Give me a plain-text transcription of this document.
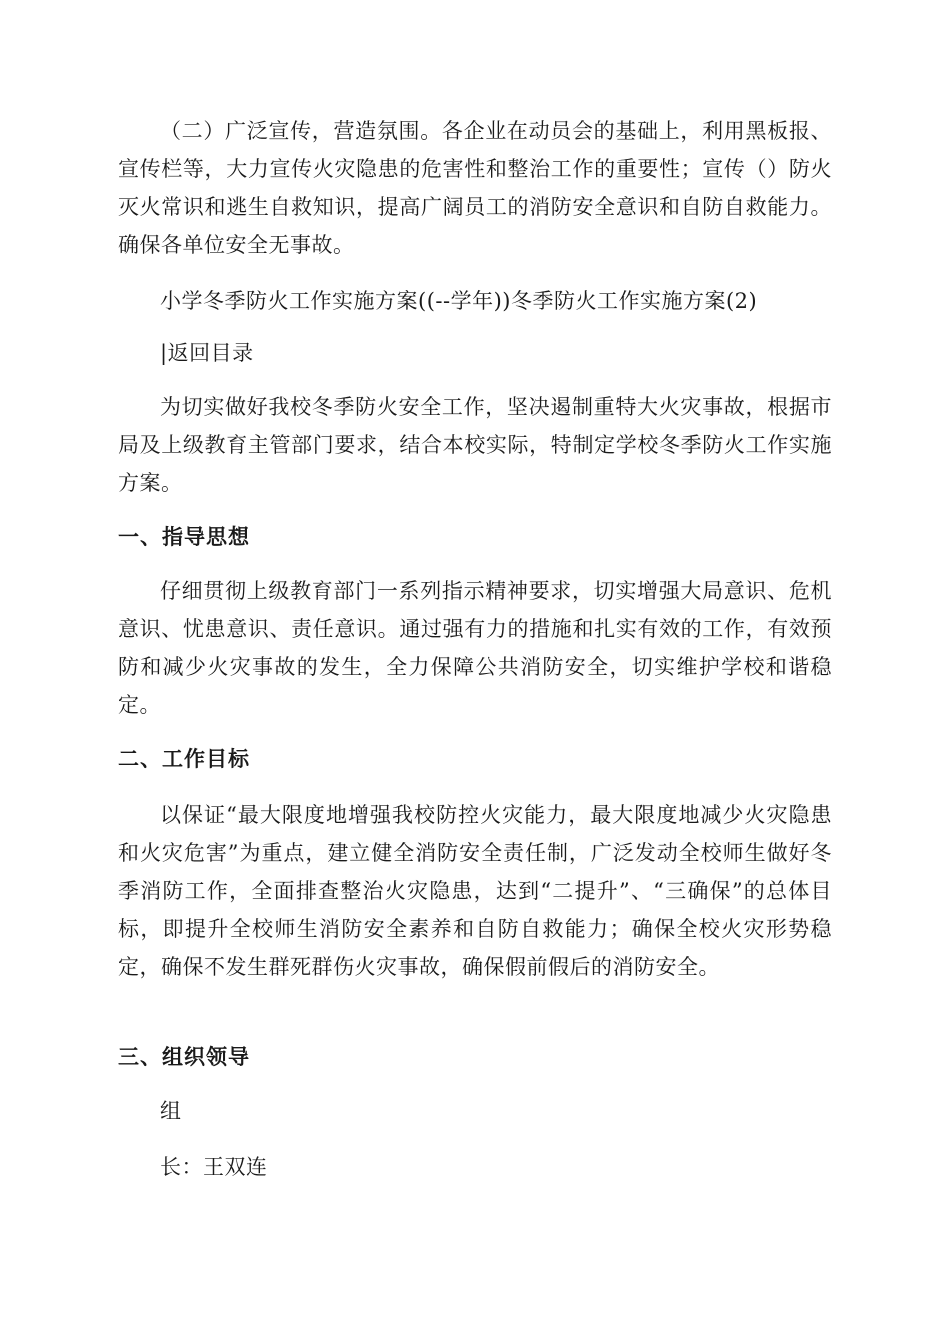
（二）广泛宣传，营造氛围。各企业在动员会的基础上，利用黑板报、宣传栏等，大力宣传火灾隐患的危害性和整治工作的重要性；宣传（）防火灭火常识和逃生自救知识，提高广阔员工的消防安全意识和自防自救能力。确保各单位安全无事故。

小学冬季防火工作实施方案((--学年))冬季防火工作实施方案(2)

|返回目录

为切实做好我校冬季防火安全工作，坚决遏制重特大火灾事故，根据市局及上级教育主管部门要求，结合本校实际，特制定学校冬季防火工作实施方案。

一、指导思想

仔细贯彻上级教育部门一系列指示精神要求，切实增强大局意识、危机意识、忧患意识、责任意识。通过强有力的措施和扎实有效的工作，有效预防和减少火灾事故的发生，全力保障公共消防安全，切实维护学校和谐稳定。

二、工作目标

以保证“最大限度地增强我校防控火灾能力，最大限度地减少火灾隐患和火灾危害”为重点，建立健全消防安全责任制，广泛发动全校师生做好冬季消防工作，全面排查整治火灾隐患，达到“二提升”、“三确保”的总体目标，即提升全校师生消防安全素养和自防自救能力；确保全校火灾形势稳定，确保不发生群死群伤火灾事故，确保假前假后的消防安全。

三、组织领导

组

长：王双连
